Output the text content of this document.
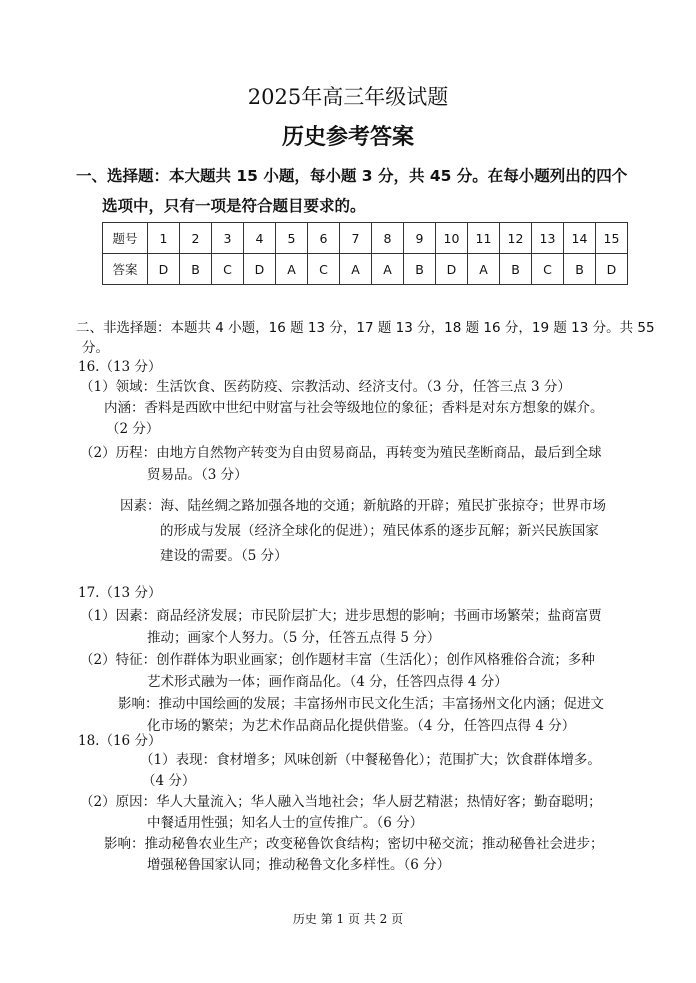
2025年高三年级试题
历史参考答案
一、选择题：本大题共 15 小题，每小题 3 分，共 45 分。在每小题列出的四个
选项中，只有一项是符合题目要求的。
题号	1	2	3	4	5	6	7	8	9	10	11	12	13	14	15
答案	D	B	C	D	A	C	A	A	B	D	A	B	C	B	D
二、非选择题：本题共 4 小题，16 题 13 分，17 题 13 分，18 题 16 分，19 题 13 分。共 55
分。
16.（13 分）
（1）领域：生活饮食、医药防疫、宗教活动、经济支付。（3 分，任答三点 3 分）
内涵：香料是西欧中世纪中财富与社会等级地位的象征；香料是对东方想象的媒介。
（2 分）
（2）历程：由地方自然物产转变为自由贸易商品，再转变为殖民垄断商品，最后到全球
贸易品。（3 分）
因素：海、陆丝绸之路加强各地的交通；新航路的开辟；殖民扩张掠夺；世界市场
的形成与发展（经济全球化的促进）；殖民体系的逐步瓦解；新兴民族国家
建设的需要。（5 分）
17.（13 分）
（1）因素：商品经济发展；市民阶层扩大；进步思想的影响；书画市场繁荣；盐商富贾
推动；画家个人努力。（5 分，任答五点得 5 分）
（2）特征：创作群体为职业画家；创作题材丰富（生活化）；创作风格雅俗合流；多种
艺术形式融为一体；画作商品化。（4 分，任答四点得 4 分）
影响：推动中国绘画的发展；丰富扬州市民文化生活；丰富扬州文化内涵；促进文
化市场的繁荣；为艺术作品商品化提供借鉴。（4 分，任答四点得 4 分）
18.（16 分）
（1）表现：食材增多；风味创新（中餐秘鲁化）；范围扩大；饮食群体增多。
（4 分）
（2）原因：华人大量流入；华人融入当地社会；华人厨艺精湛；热情好客；勤奋聪明；
中餐适用性强；知名人士的宣传推广。（6 分）
影响：推动秘鲁农业生产；改变秘鲁饮食结构；密切中秘交流；推动秘鲁社会进步；
增强秘鲁国家认同；推动秘鲁文化多样性。（6 分）
历史 第 1 页 共 2 页
